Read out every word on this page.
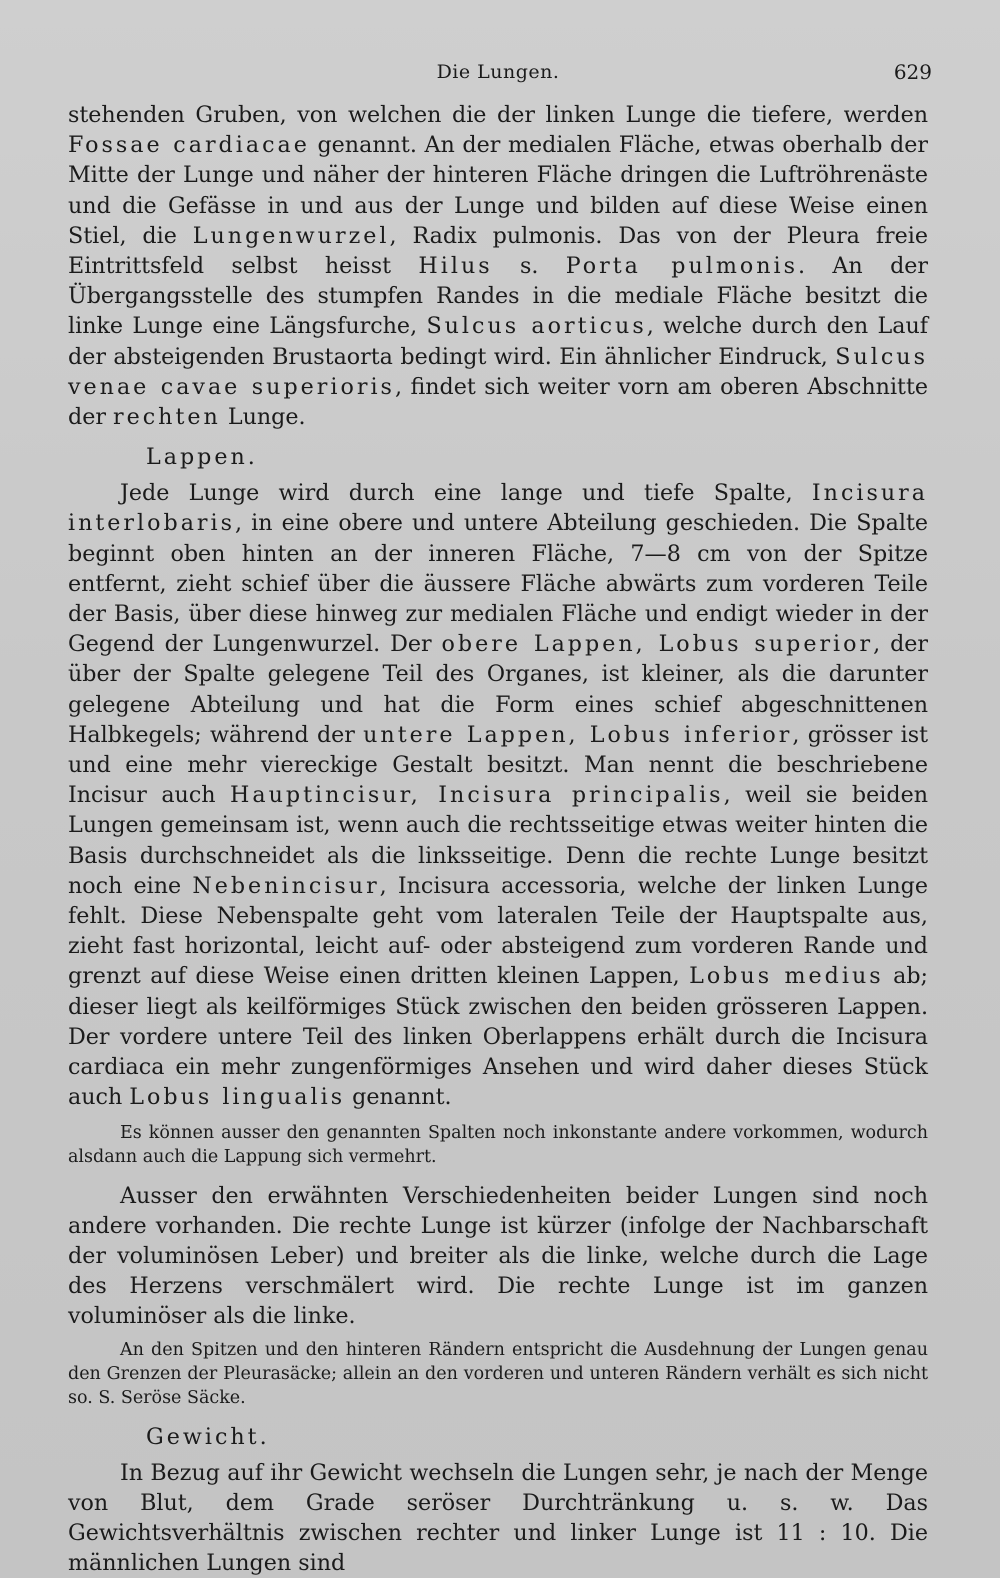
Die Lungen.	629

stehenden Gruben, von welchen die der linken Lunge die tiefere, werden Fossae cardiacae genannt. An der medialen Fläche, etwas oberhalb der Mitte der Lunge und näher der hinteren Fläche dringen die Luftröhrenäste und die Gefässe in und aus der Lunge und bilden auf diese Weise einen Stiel, die Lungenwurzel, Radix pulmonis. Das von der Pleura freie Eintrittsfeld selbst heisst Hilus s. Porta pulmonis. An der Übergangsstelle des stumpfen Randes in die mediale Fläche besitzt die linke Lunge eine Längsfurche, Sulcus aorticus, welche durch den Lauf der absteigenden Brustaorta bedingt wird. Ein ähnlicher Eindruck, Sulcus venae cavae superioris, findet sich weiter vorn am oberen Abschnitte der rechten Lunge.

Lappen.

Jede Lunge wird durch eine lange und tiefe Spalte, Incisura interlobaris, in eine obere und untere Abteilung geschieden. Die Spalte beginnt oben hinten an der inneren Fläche, 7—8 cm von der Spitze entfernt, zieht schief über die äussere Fläche abwärts zum vorderen Teile der Basis, über diese hinweg zur medialen Fläche und endigt wieder in der Gegend der Lungenwurzel. Der obere Lappen, Lobus superior, der über der Spalte gelegene Teil des Organes, ist kleiner, als die darunter gelegene Abteilung und hat die Form eines schief abgeschnittenen Halbkegels; während der untere Lappen, Lobus inferior, grösser ist und eine mehr viereckige Gestalt besitzt. Man nennt die beschriebene Incisur auch Hauptincisur, Incisura principalis, weil sie beiden Lungen gemeinsam ist, wenn auch die rechtsseitige etwas weiter hinten die Basis durchschneidet als die linksseitige. Denn die rechte Lunge besitzt noch eine Nebenincisur, Incisura accessoria, welche der linken Lunge fehlt. Diese Nebenspalte geht vom lateralen Teile der Hauptspalte aus, zieht fast horizontal, leicht auf- oder absteigend zum vorderen Rande und grenzt auf diese Weise einen dritten kleinen Lappen, Lobus medius ab; dieser liegt als keilförmiges Stück zwischen den beiden grösseren Lappen. Der vordere untere Teil des linken Oberlappens erhält durch die Incisura cardiaca ein mehr zungenförmiges Ansehen und wird daher dieses Stück auch Lobus lingualis genannt.

Es können ausser den genannten Spalten noch inkonstante andere vorkommen, wodurch alsdann auch die Lappung sich vermehrt.

Ausser den erwähnten Verschiedenheiten beider Lungen sind noch andere vorhanden. Die rechte Lunge ist kürzer (infolge der Nachbarschaft der voluminösen Leber) und breiter als die linke, welche durch die Lage des Herzens verschmälert wird. Die rechte Lunge ist im ganzen voluminöser als die linke.

An den Spitzen und den hinteren Rändern entspricht die Ausdehnung der Lungen genau den Grenzen der Pleurasäcke; allein an den vorderen und unteren Rändern verhält es sich nicht so. S. Seröse Säcke.

Gewicht.

In Bezug auf ihr Gewicht wechseln die Lungen sehr, je nach der Menge von Blut, dem Grade seröser Durchtränkung u. s. w. Das Gewichtsverhältnis zwischen rechter und linker Lunge ist 11 : 10. Die männlichen Lungen sind
